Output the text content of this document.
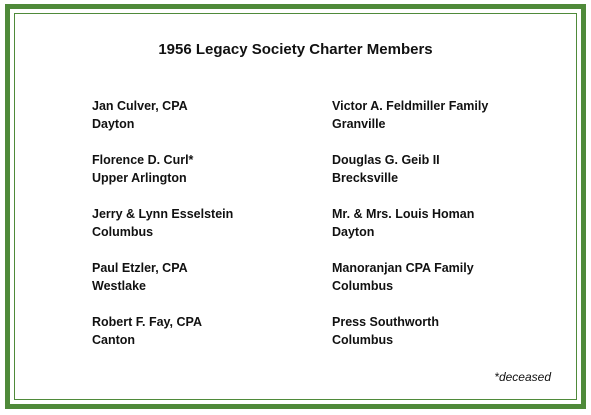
1956 Legacy Society Charter Members
Jan Culver, CPA
Dayton
Florence D. Curl*
Upper Arlington
Jerry & Lynn Esselstein
Columbus
Paul Etzler, CPA
Westlake
Robert F. Fay, CPA
Canton
Victor A. Feldmiller Family
Granville
Douglas G. Geib II
Brecksville
Mr. & Mrs. Louis Homan
Dayton
Manoranjan CPA Family
Columbus
Press Southworth
Columbus
*deceased
